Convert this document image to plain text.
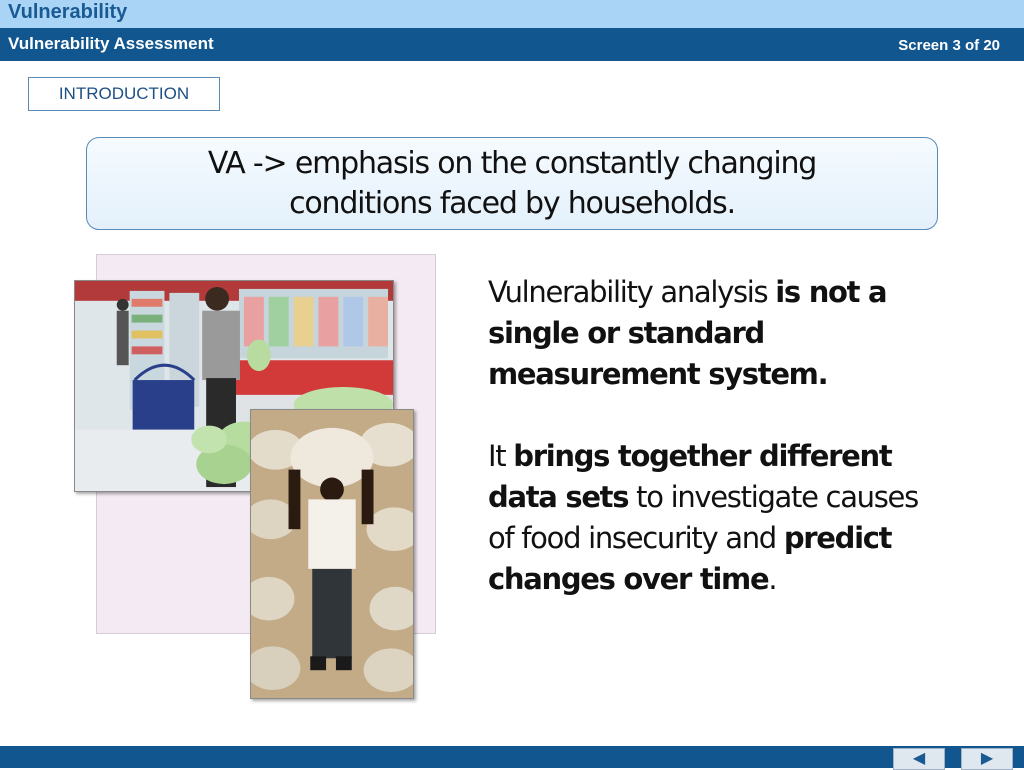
Vulnerability
Vulnerability Assessment	Screen 3 of 20
INTRODUCTION
VA -> emphasis on the constantly changing
conditions faced by households.

Vulnerability analysis is not a single or standard measurement system.

It brings together different data sets to investigate causes of food insecurity and predict changes over time.

◀	▶
